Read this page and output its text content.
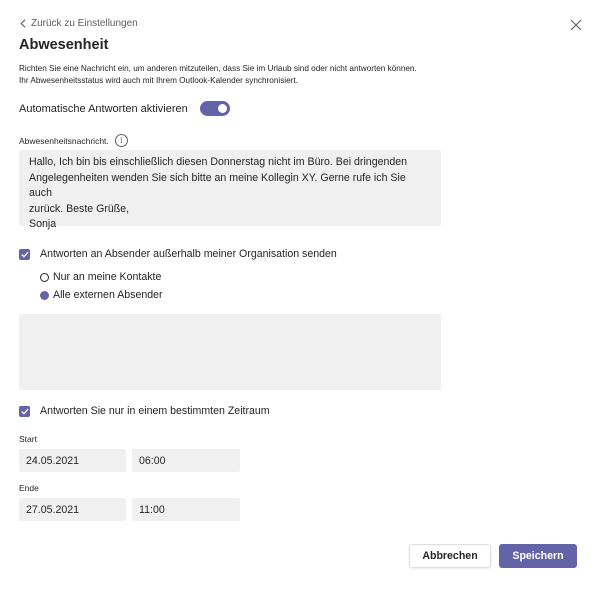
Zurück zu Einstellungen
Abwesenheit
Richten Sie eine Nachricht ein, um anderen mitzuteilen, dass Sie im Urlaub sind oder nicht antworten können.
Ihr Abwesenheitsstatus wird auch mit Ihrem Outlook-Kalender synchronisiert.
Automatische Antworten aktivieren
Abwesenheitsnachricht.	i
Hallo, Ich bin bis einschließlich diesen Donnerstag nicht im Büro. Bei dringenden
Angelegenheiten wenden Sie sich bitte an meine Kollegin XY. Gerne rufe ich Sie auch
zurück. Beste Grüße,
Sonja
Antworten an Absender außerhalb meiner Organisation senden
Nur an meine Kontakte
Alle externen Absender
Antworten Sie nur in einem bestimmten Zeitraum
Start
24.05.2021	06:00
Ende
27.05.2021	11:00
Abbrechen	Speichern
